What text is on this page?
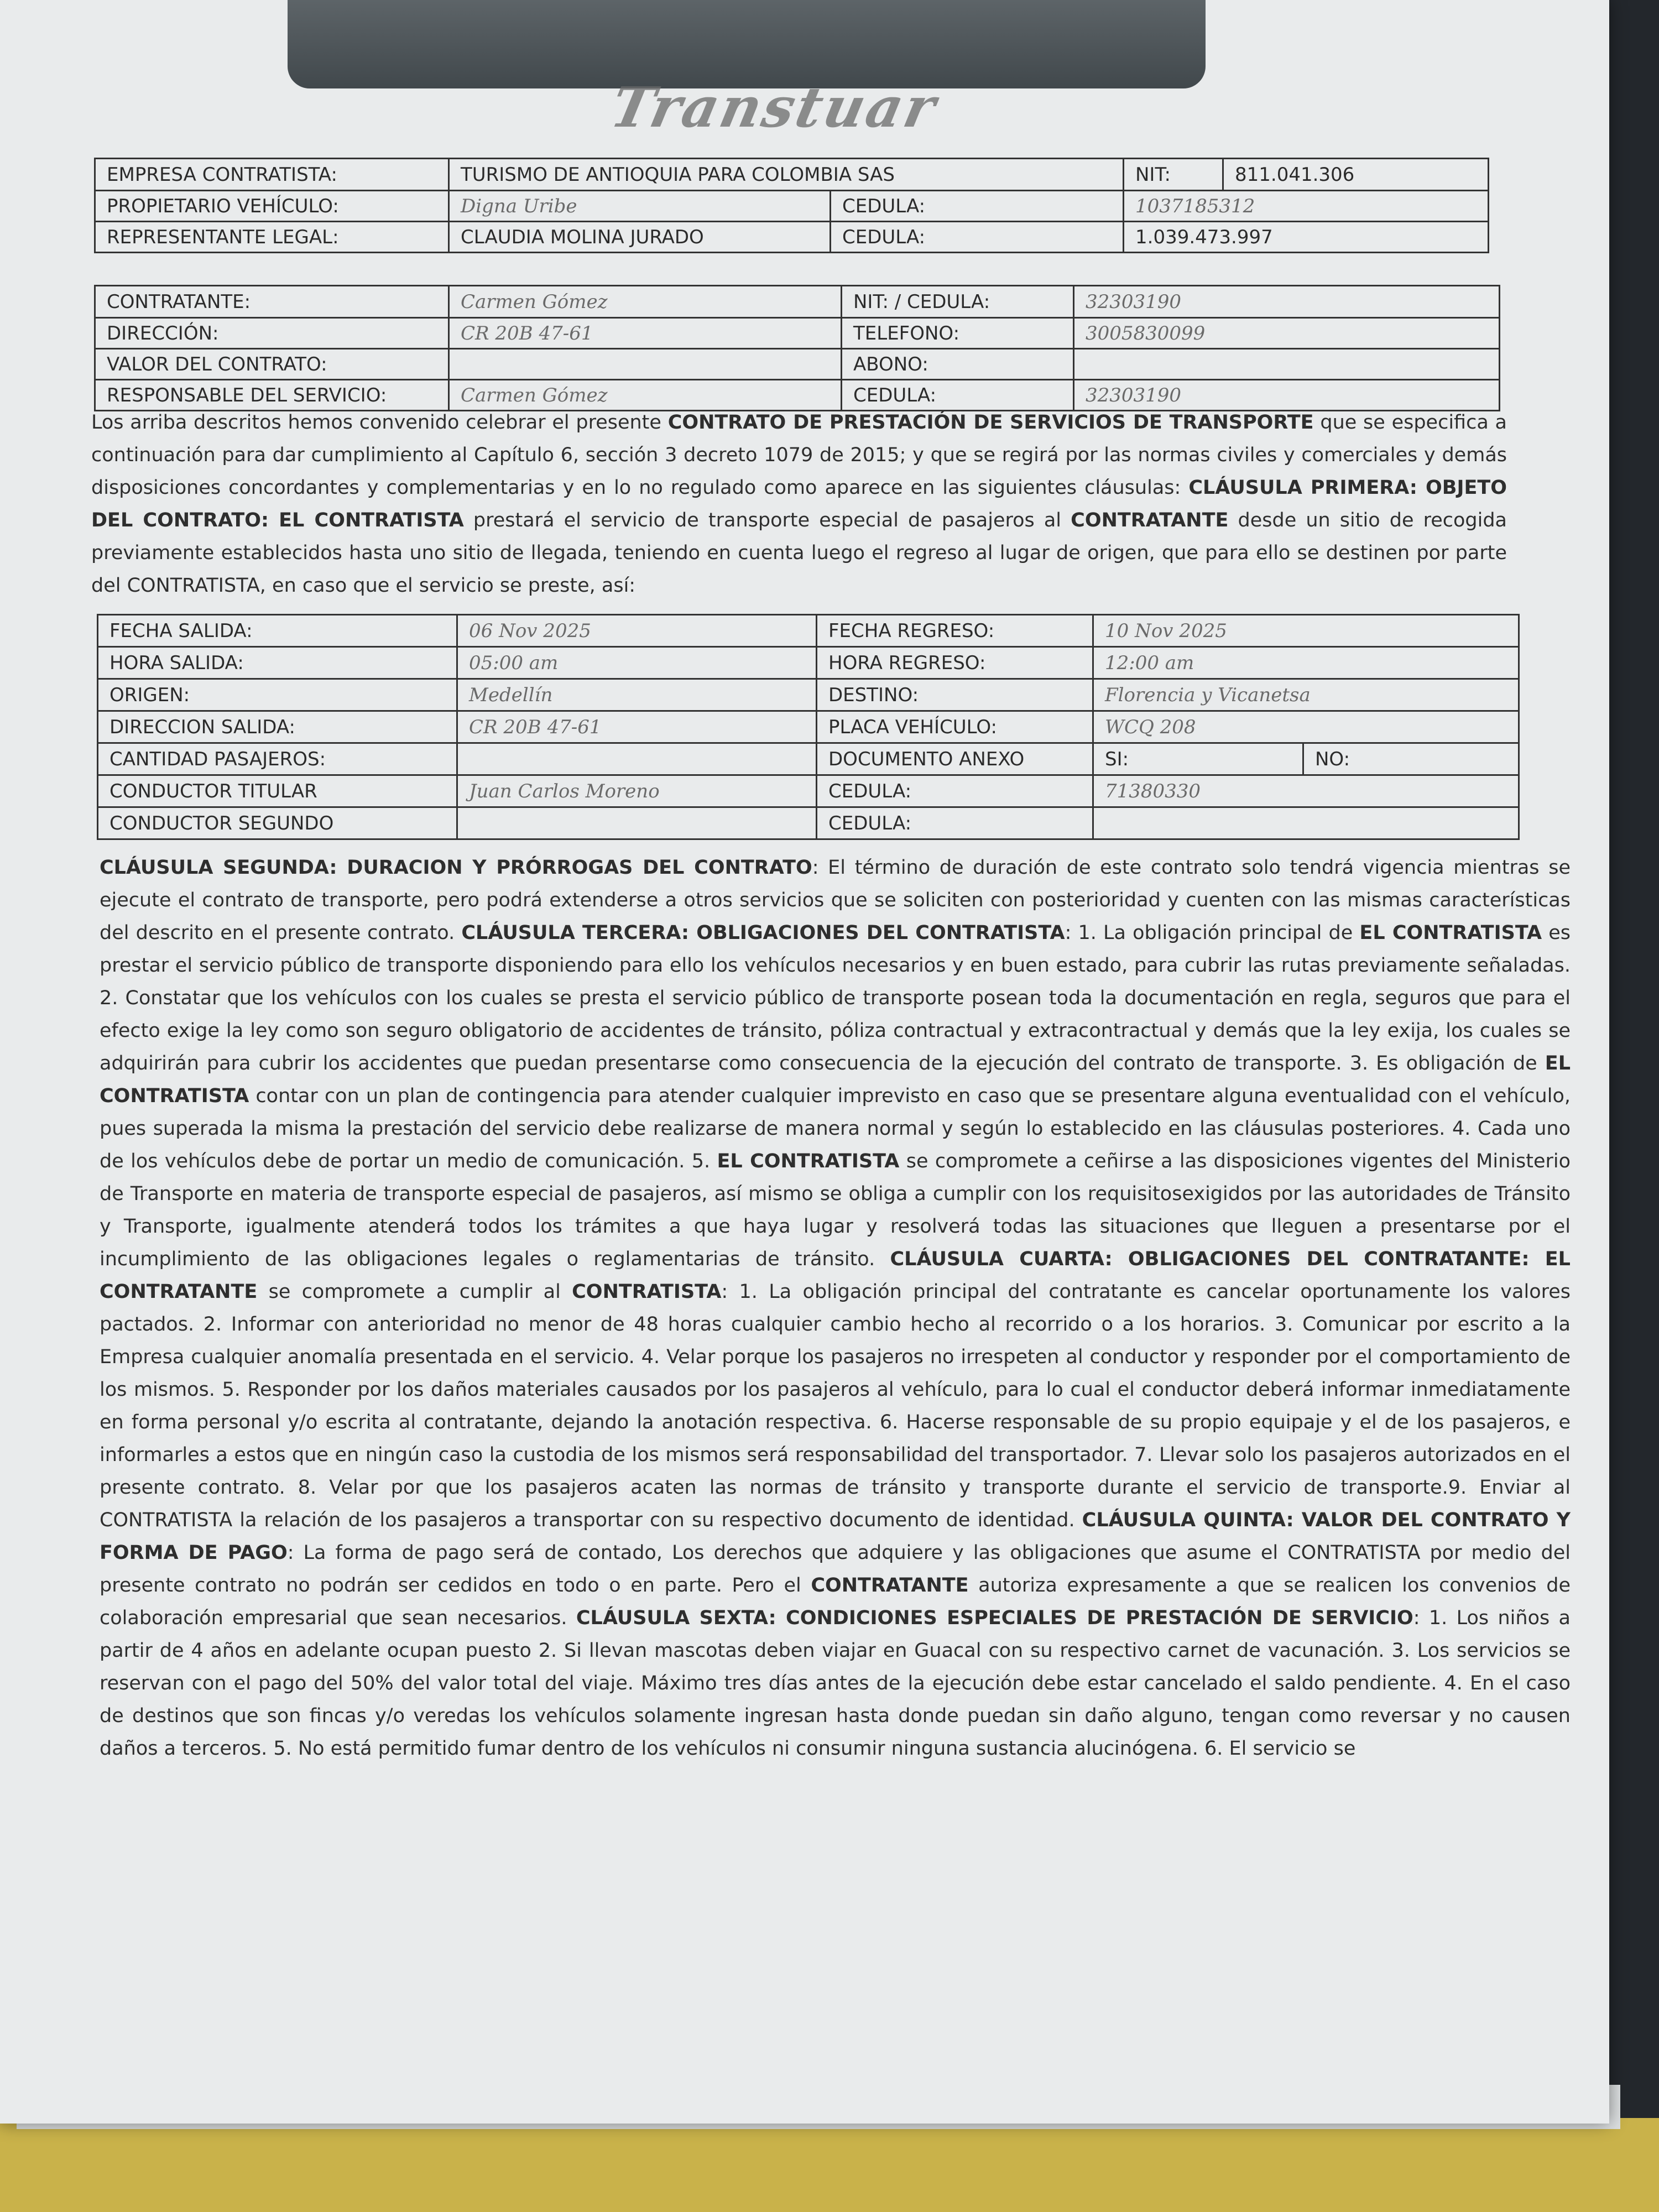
Transtuar
EMPRESA CONTRATISTA:	TURISMO DE ANTIOQUIA PARA COLOMBIA SAS		NIT:	811.041.306
PROPIETARIO VEHÍCULO:	Digna Uribe	CEDULA:	1037185312	
REPRESENTANTE LEGAL:	CLAUDIA MOLINA JURADO	CEDULA:	1.039.473.997	
CONTRATANTE:	Carmen Gómez	NIT: / CEDULA:	32303190
DIRECCIÓN:	CR 20B 47-61	TELEFONO:	3005830099
VALOR DEL CONTRATO:		ABONO:	
RESPONSABLE DEL SERVICIO:	Carmen Gómez	CEDULA:	32303190

Los arriba descritos hemos convenido celebrar el presente CONTRATO DE PRESTACIÓN DE SERVICIOS DE TRANSPORTE que se especifica a continuación para dar cumplimiento al Capítulo 6, sección 3 decreto 1079 de 2015; y que se regirá por las normas civiles y comerciales y demás disposiciones concordantes y complementarias y en lo no regulado como aparece en las siguientes cláusulas: CLÁUSULA PRIMERA: OBJETO DEL CONTRATO: EL CONTRATISTA prestará el servicio de transporte especial de pasajeros al CONTRATANTE desde un sitio de recogida previamente establecidos hasta uno sitio de llegada, teniendo en cuenta luego el regreso al lugar de origen, que para ello se destinen por parte del CONTRATISTA, en caso que el servicio se preste, así:

FECHA SALIDA:	06 Nov 2025	FECHA REGRESO:	10 Nov 2025	
HORA SALIDA:	05:00 am	HORA REGRESO:	12:00 am	
ORIGEN:	Medellín	DESTINO:	Florencia y Vicanetsa	
DIRECCION SALIDA:	CR 20B 47-61	PLACA VEHÍCULO:	WCQ 208	
CANTIDAD PASAJEROS:		DOCUMENTO ANEXO	SI:	NO:
CONDUCTOR TITULAR	Juan Carlos Moreno	CEDULA:	71380330	
CONDUCTOR SEGUNDO		CEDULA:		

CLÁUSULA SEGUNDA: DURACION Y PRÓRROGAS DEL CONTRATO: El término de duración de este contrato solo tendrá vigencia mientras se ejecute el contrato de transporte, pero podrá extenderse a otros servicios que se soliciten con posterioridad y cuenten con las mismas características del descrito en el presente contrato. CLÁUSULA TERCERA: OBLIGACIONES DEL CONTRATISTA: 1. La obligación principal de EL CONTRATISTA es prestar el servicio público de transporte disponiendo para ello los vehículos necesarios y en buen estado, para cubrir las rutas previamente señaladas. 2. Constatar que los vehículos con los cuales se presta el servicio público de transporte posean toda la documentación en regla, seguros que para el efecto exige la ley como son seguro obligatorio de accidentes de tránsito, póliza contractual y extracontractual y demás que la ley exija, los cuales se adquirirán para cubrir los accidentes que puedan presentarse como consecuencia de la ejecución del contrato de transporte. 3. Es obligación de EL CONTRATISTA contar con un plan de contingencia para atender cualquier imprevisto en caso que se presentare alguna eventualidad con el vehículo, pues superada la misma la prestación del servicio debe realizarse de manera normal y según lo establecido en las cláusulas posteriores. 4. Cada uno de los vehículos debe de portar un medio de comunicación. 5. EL CONTRATISTA se compromete a ceñirse a las disposiciones vigentes del Ministerio de Transporte en materia de transporte especial de pasajeros, así mismo se obliga a cumplir con los requisitosexigidos por las autoridades de Tránsito y Transporte, igualmente atenderá todos los trámites a que haya lugar y resolverá todas las situaciones que lleguen a presentarse por el incumplimiento de las obligaciones legales o reglamentarias de tránsito. CLÁUSULA CUARTA: OBLIGACIONES DEL CONTRATANTE: EL CONTRATANTE se compromete a cumplir al CONTRATISTA: 1. La obligación principal del contratante es cancelar oportunamente los valores pactados. 2. Informar con anterioridad no menor de 48 horas cualquier cambio hecho al recorrido o a los horarios. 3. Comunicar por escrito a la Empresa cualquier anomalía presentada en el servicio. 4. Velar porque los pasajeros no irrespeten al conductor y responder por el comportamiento de los mismos. 5. Responder por los daños materiales causados por los pasajeros al vehículo, para lo cual el conductor deberá informar inmediatamente en forma personal y/o escrita al contratante, dejando la anotación respectiva. 6. Hacerse responsable de su propio equipaje y el de los pasajeros, e informarles a estos que en ningún caso la custodia de los mismos será responsabilidad del transportador. 7. Llevar solo los pasajeros autorizados en el presente contrato. 8. Velar por que los pasajeros acaten las normas de tránsito y transporte durante el servicio de transporte.9. Enviar al CONTRATISTA la relación de los pasajeros a transportar con su respectivo documento de identidad. CLÁUSULA QUINTA: VALOR DEL CONTRATO Y FORMA DE PAGO: La forma de pago será de contado, Los derechos que adquiere y las obligaciones que asume el CONTRATISTA por medio del presente contrato no podrán ser cedidos en todo o en parte. Pero el CONTRATANTE autoriza expresamente a que se realicen los convenios de colaboración empresarial que sean necesarios. CLÁUSULA SEXTA: CONDICIONES ESPECIALES DE PRESTACIÓN DE SERVICIO: 1. Los niños a partir de 4 años en adelante ocupan puesto 2. Si llevan mascotas deben viajar en Guacal con su respectivo carnet de vacunación. 3. Los servicios se reservan con el pago del 50% del valor total del viaje. Máximo tres días antes de la ejecución debe estar cancelado el saldo pendiente. 4. En el caso de destinos que son fincas y/o veredas los vehículos solamente ingresan hasta donde puedan sin daño alguno, tengan como reversar y no causen daños a terceros. 5. No está permitido fumar dentro de los vehículos ni consumir ninguna sustancia alucinógena. 6. El servicio se
